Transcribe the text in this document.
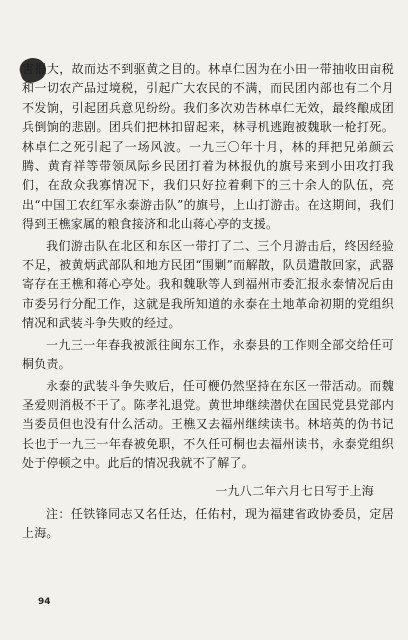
害很大，故而达不到驱黄之目的。林卓仁因为在小田一带抽收田亩税和一切农产品过境税，引起广大农民的不满，而民团内部也有二个月不发饷，引起团兵意见纷纷。我们多次劝告林卓仁无效，最终酿成团兵倒饷的悲剧。团兵们把林扣留起来，林寻机逃跑被魏耿一枪打死。林卓仁之死引起了一场风波。一九三〇年十月，林的拜把兄弟颜云腾、黄育祥等带领凤际乡民团打着为林报仇的旗号来到小田攻打我们，在敌众我寡情况下，我们只好拉着剩下的三十余人的队伍，亮出“中国工农红军永泰游击队”的旗号，上山打游击。在这期间，我们得到王樵家属的粮食接济和北山蒋心亭的支援。

我们游击队在北区和东区一带打了二、三个月游击后，终因经验不足，被黄炳武部队和地方民团“围剿”而解散，队员遣散回家，武器寄存在王樵和蒋心亭处。我和魏耿等人到福州市委汇报永泰情况后由市委另行分配工作，这就是我所知道的永泰在土地革命初期的党组织情况和武装斗争失败的经过。

一九三一年春我被派往闽东工作，永泰县的工作则全部交给任可桐负责。

永泰的武装斗争失败后，任可楩仍然坚持在东区一带活动。而魏圣爱则消极不干了。陈孝礼退党。黄世坤继续潜伏在国民党县党部内当委员但也没有什么活动。王樵又去福州继续读书。林培英的伪书记长也于一九三一年春被免职，不久任可桐也去福州读书，永泰党组织处于停顿之中。此后的情况我就不了解了。

一九八二年六月七日写于上海

注：任铁锋同志又名任达，任佑村，现为福建省政协委员，定居上海。

94
